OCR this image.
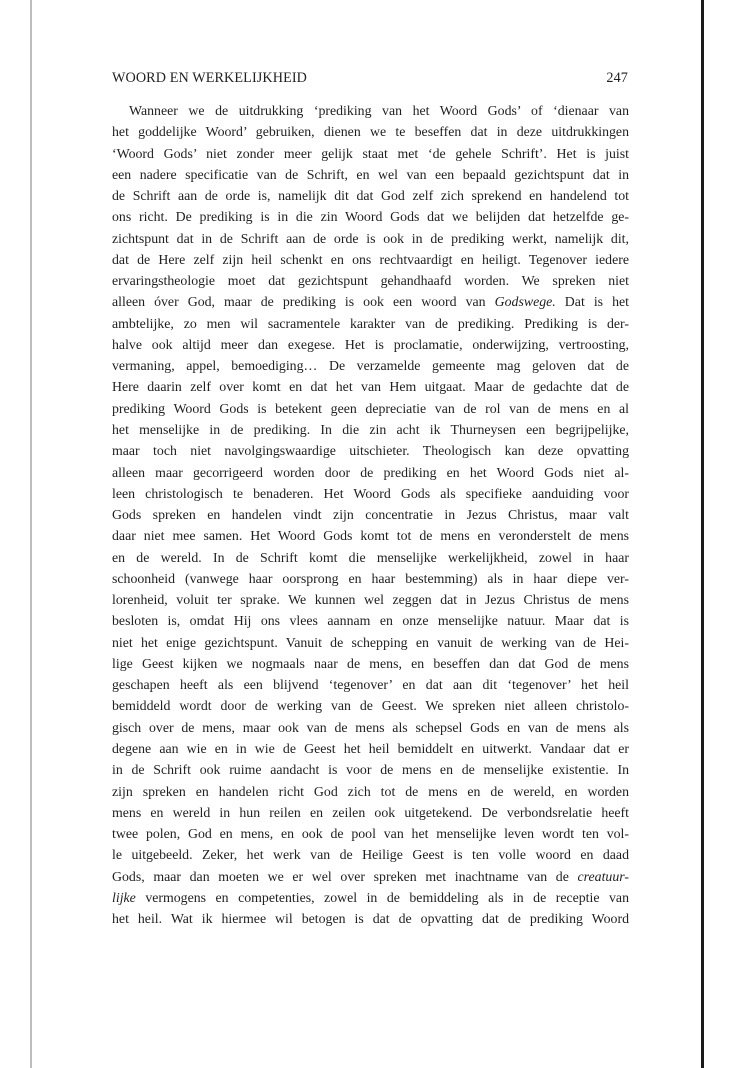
WOORD EN WERKELIJKHEID	247
Wanneer we de uitdrukking ‘prediking van het Woord Gods’ of ‘dienaar van
het goddelijke Woord’ gebruiken, dienen we te beseffen dat in deze uitdrukkingen
‘Woord Gods’ niet zonder meer gelijk staat met ‘de gehele Schrift’. Het is juist
een nadere specificatie van de Schrift, en wel van een bepaald gezichtspunt dat in
de Schrift aan de orde is, namelijk dit dat God zelf zich sprekend en handelend tot
ons richt. De prediking is in die zin Woord Gods dat we belijden dat hetzelfde ge-
zichtspunt dat in de Schrift aan de orde is ook in de prediking werkt, namelijk dit,
dat de Here zelf zijn heil schenkt en ons rechtvaardigt en heiligt. Tegenover iedere
ervaringstheologie moet dat gezichtspunt gehandhaafd worden. We spreken niet
alleen óver God, maar de prediking is ook een woord van Godswege. Dat is het
ambtelijke, zo men wil sacramentele karakter van de prediking. Prediking is der-
halve ook altijd meer dan exegese. Het is proclamatie, onderwijzing, vertroosting,
vermaning, appel, bemoediging… De verzamelde gemeente mag geloven dat de
Here daarin zelf over komt en dat het van Hem uitgaat. Maar de gedachte dat de
prediking Woord Gods is betekent geen depreciatie van de rol van de mens en al
het menselijke in de prediking. In die zin acht ik Thurneysen een begrijpelijke,
maar toch niet navolgingswaardige uitschieter. Theologisch kan deze opvatting
alleen maar gecorrigeerd worden door de prediking en het Woord Gods niet al-
leen christologisch te benaderen. Het Woord Gods als specifieke aanduiding voor
Gods spreken en handelen vindt zijn concentratie in Jezus Christus, maar valt
daar niet mee samen. Het Woord Gods komt tot de mens en veronderstelt de mens
en de wereld. In de Schrift komt die menselijke werkelijkheid, zowel in haar
schoonheid (vanwege haar oorsprong en haar bestemming) als in haar diepe ver-
lorenheid, voluit ter sprake. We kunnen wel zeggen dat in Jezus Christus de mens
besloten is, omdat Hij ons vlees aannam en onze menselijke natuur. Maar dat is
niet het enige gezichtspunt. Vanuit de schepping en vanuit de werking van de Hei-
lige Geest kijken we nogmaals naar de mens, en beseffen dan dat God de mens
geschapen heeft als een blijvend ‘tegenover’ en dat aan dit ‘tegenover’ het heil
bemiddeld wordt door de werking van de Geest. We spreken niet alleen christolo-
gisch over de mens, maar ook van de mens als schepsel Gods en van de mens als
degene aan wie en in wie de Geest het heil bemiddelt en uitwerkt. Vandaar dat er
in de Schrift ook ruime aandacht is voor de mens en de menselijke existentie. In
zijn spreken en handelen richt God zich tot de mens en de wereld, en worden
mens en wereld in hun reilen en zeilen ook uitgetekend. De verbondsrelatie heeft
twee polen, God en mens, en ook de pool van het menselijke leven wordt ten vol-
le uitgebeeld. Zeker, het werk van de Heilige Geest is ten volle woord en daad
Gods, maar dan moeten we er wel over spreken met inachtname van de creatuur-
lijke vermogens en competenties, zowel in de bemiddeling als in de receptie van
het heil. Wat ik hiermee wil betogen is dat de opvatting dat de prediking Woord
